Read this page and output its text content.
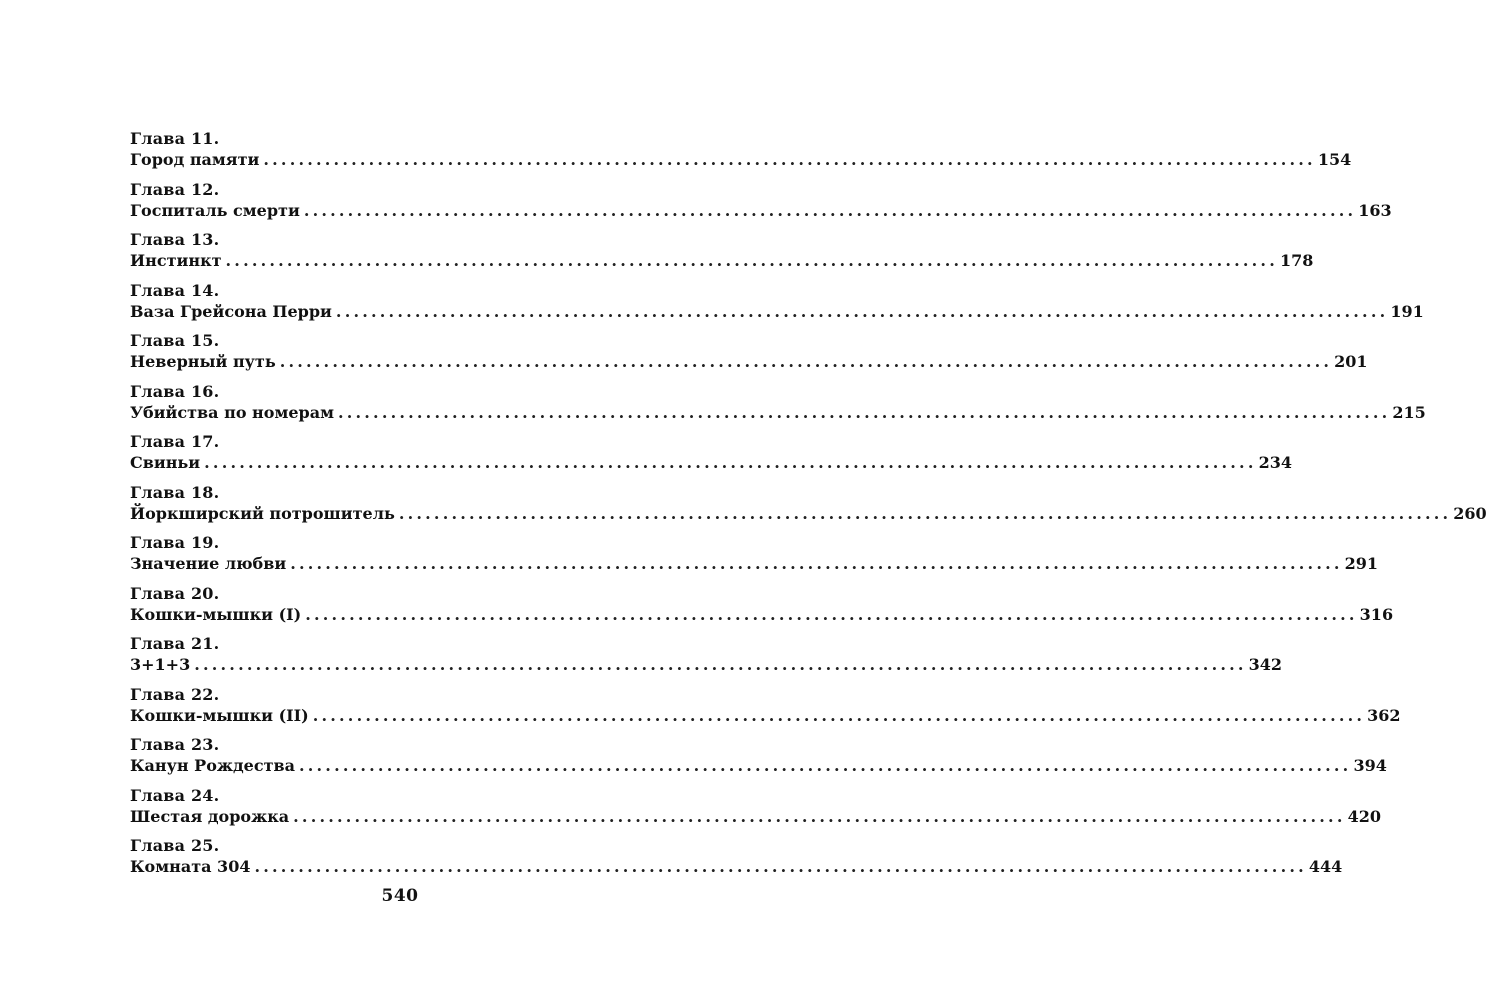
Глава 11.
Город памяти ........................................................................................................................ 154
Глава 12.
Госпиталь смерти ........................................................................................................................ 163
Глава 13.
Инстинкт ........................................................................................................................ 178
Глава 14.
Ваза Грейсона Перри ........................................................................................................................ 191
Глава 15.
Неверный путь ........................................................................................................................ 201
Глава 16.
Убийства по номерам ........................................................................................................................ 215
Глава 17.
Свиньи ........................................................................................................................ 234
Глава 18.
Йоркширский потрошитель ........................................................................................................................ 260
Глава 19.
Значение любви ........................................................................................................................ 291
Глава 20.
Кошки-мышки (I) ........................................................................................................................ 316
Глава 21.
3+1+3 ........................................................................................................................ 342
Глава 22.
Кошки-мышки (II) ........................................................................................................................ 362
Глава 23.
Канун Рождества ........................................................................................................................ 394
Глава 24.
Шестая дорожка ........................................................................................................................ 420
Глава 25.
Комната 304 ........................................................................................................................ 444
540
